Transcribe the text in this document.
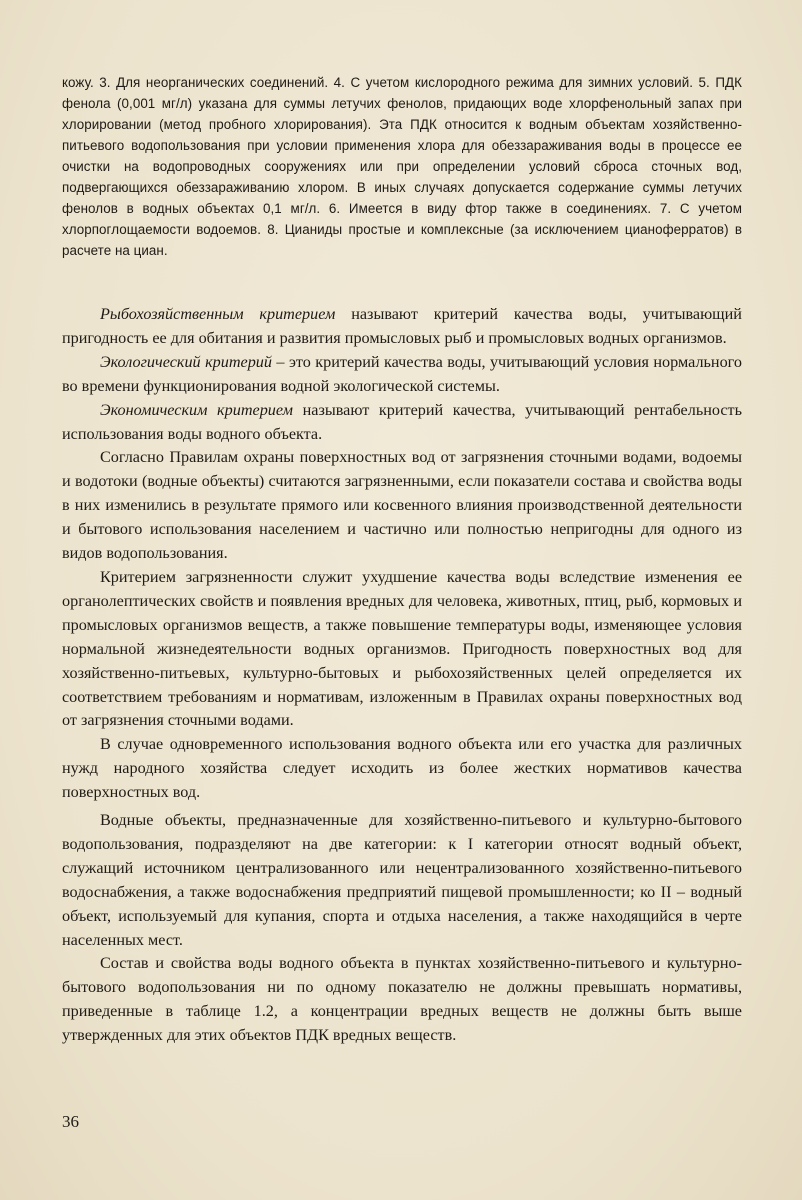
кожу. 3. Для неорганических соединений. 4. С учетом кислородного режима для зимних условий. 5. ПДК фенола (0,001 мг/л) указана для суммы летучих фенолов, придающих воде хлорфенольный запах при хлорировании (метод пробного хлорирования). Эта ПДК относится к водным объектам хозяйственно-питьевого водопользования при условии применения хлора для обеззараживания воды в процессе ее очистки на водопроводных сооружениях или при определении условий сброса сточных вод, подвергающихся обеззараживанию хлором. В иных случаях допускается содержание суммы летучих фенолов в водных объектах 0,1 мг/л. 6. Имеется в виду фтор также в соединениях. 7. С учетом хлорпоглощаемости водоемов. 8. Цианиды простые и комплексные (за исключением цианоферратов) в расчете на циан.

Рыбохозяйственным критерием называют критерий качества воды, учитывающий пригодность ее для обитания и развития промысловых рыб и промысловых водных организмов.

Экологический критерий – это критерий качества воды, учитывающий условия нормального во времени функционирования водной экологической системы.

Экономическим критерием называют критерий качества, учитывающий рентабельность использования воды водного объекта.

Согласно Правилам охраны поверхностных вод от загрязнения сточными водами, водоемы и водотоки (водные объекты) считаются загрязненными, если показатели состава и свойства воды в них изменились в результате прямого или косвенного влияния производственной деятельности и бытового использования населением и частично или полностью непригодны для одного из видов водопользования.

Критерием загрязненности служит ухудшение качества воды вследствие изменения ее органолептических свойств и появления вредных для человека, животных, птиц, рыб, кормовых и промысловых организмов веществ, а также повышение температуры воды, изменяющее условия нормальной жизнедеятельности водных организмов. Пригодность поверхностных вод для хозяйственно-питьевых, культурно-бытовых и рыбохозяйственных целей определяется их соответствием требованиям и нормативам, изложенным в Правилах охраны поверхностных вод от загрязнения сточными водами.

В случае одновременного использования водного объекта или его участка для различных нужд народного хозяйства следует исходить из более жестких нормативов качества поверхностных вод.

Водные объекты, предназначенные для хозяйственно-питьевого и культурно-бытового водопользования, подразделяют на две категории: к I категории относят водный объект, служащий источником централизованного или нецентрализованного хозяйственно-питьевого водоснабжения, а также водоснабжения предприятий пищевой промышленности; ко II – водный объект, используемый для купания, спорта и отдыха населения, а также находящийся в черте населенных мест.

Состав и свойства воды водного объекта в пунктах хозяйственно-питьевого и культурно-бытового водопользования ни по одному показателю не должны превышать нормативы, приведенные в таблице 1.2, а концентрации вредных веществ не должны быть выше утвержденных для этих объектов ПДК вредных веществ.

36
